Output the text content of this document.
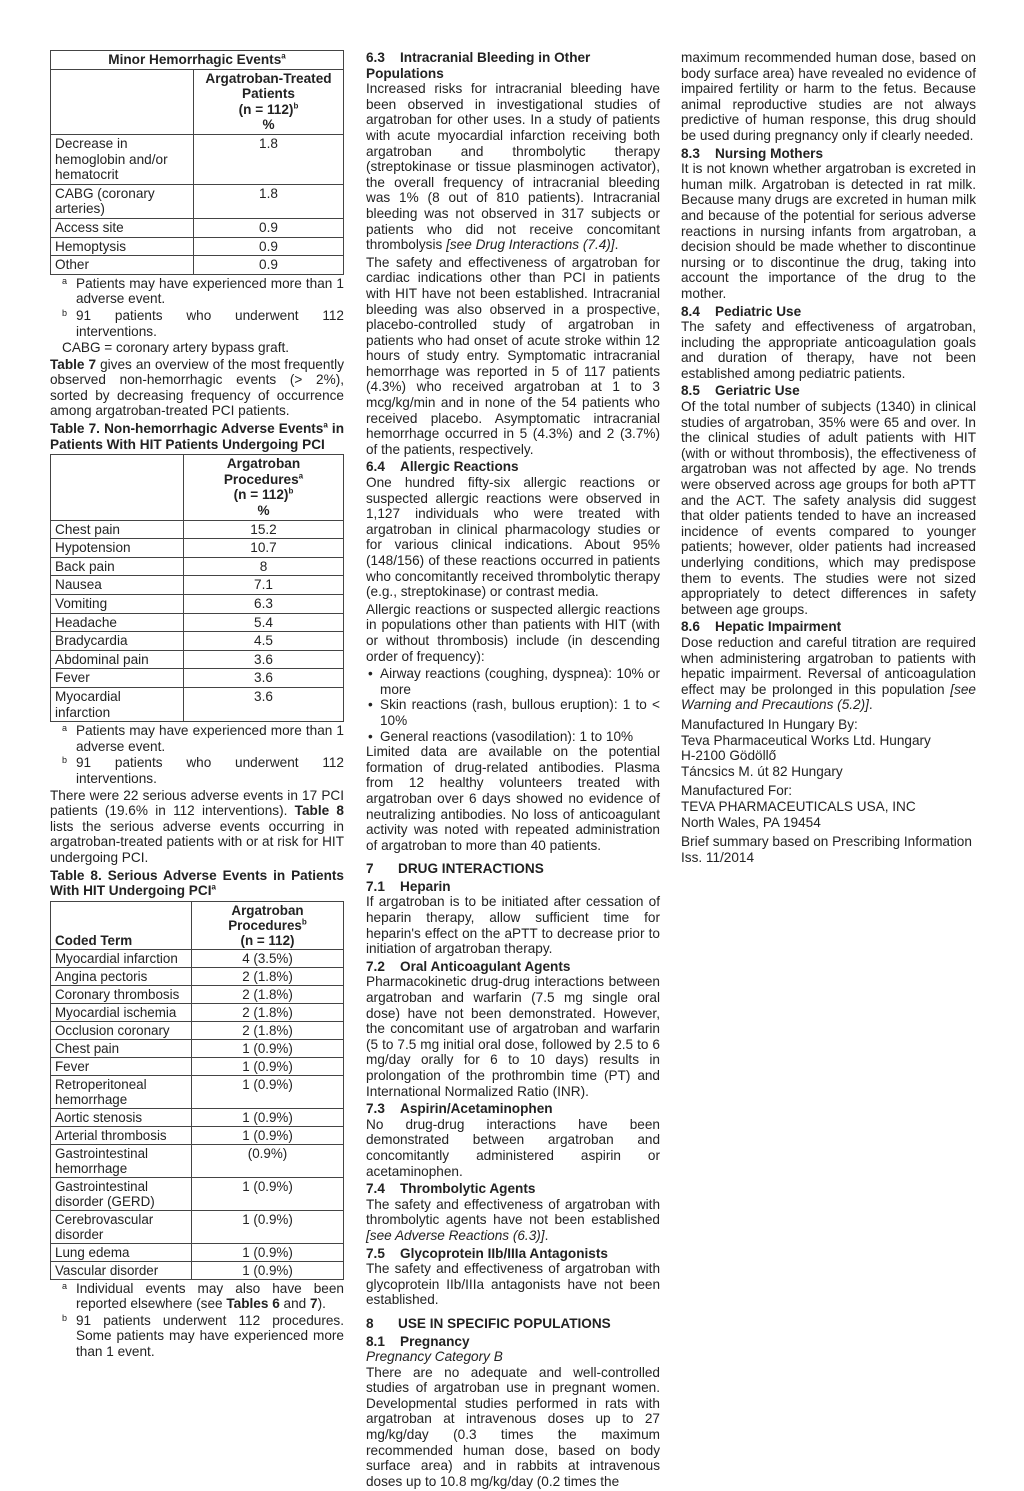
Minor Hemorrhagic Events$^a$
	Argatroban-Treated
Patients
(n = 112)$^b$
%
Decrease in hemoglobin and/or hematocrit	1.8
CABG (coronary arteries)	1.8
Access site	0.9
Hemoptysis	0.9
Other	0.9
a Patients may have experienced more than 1 adverse event.
b 91 patients who underwent 112 interventions.
CABG = coronary artery bypass graft.

Table 7 gives an overview of the most frequently observed non-hemorrhagic events (> 2%), sorted by decreasing frequency of occurrence among argatroban-treated PCI patients.

Table 7. Non-hemorrhagic Adverse Events$^a$ in Patients With HIT Patients Undergoing PCI
	Argatroban Procedures$^a$
(n = 112)$^b$
%
Chest pain	15.2
Hypotension	10.7
Back pain	8
Nausea	7.1
Vomiting	6.3
Headache	5.4
Bradycardia	4.5
Abdominal pain	3.6
Fever	3.6
Myocardial infarction	3.6
a Patients may have experienced more than 1 adverse event.
b 91 patients who underwent 112 interventions.

There were 22 serious adverse events in 17 PCI patients (19.6% in 112 interventions). Table 8 lists the serious adverse events occurring in argatroban-treated patients with or at risk for HIT undergoing PCI.

Table 8. Serious Adverse Events in Patients With HIT Undergoing PCI$^a$
Coded Term	Argatroban Procedures$^b$
(n = 112)
Myocardial infarction	4 (3.5%)
Angina pectoris	2 (1.8%)
Coronary thrombosis	2 (1.8%)
Myocardial ischemia	2 (1.8%)
Occlusion coronary	2 (1.8%)
Chest pain	1 (0.9%)
Fever	1 (0.9%)
Retroperitoneal hemorrhage	1 (0.9%)
Aortic stenosis	1 (0.9%)
Arterial thrombosis	1 (0.9%)
Gastrointestinal hemorrhage	(0.9%)
Gastrointestinal disorder (GERD)	1 (0.9%)
Cerebrovascular disorder	1 (0.9%)
Lung edema	1 (0.9%)
Vascular disorder	1 (0.9%)
a Individual events may also have been reported elsewhere (see Tables 6 and 7).
b 91 patients underwent 112 procedures. Some patients may have experienced more than 1 event.
6.3 Intracranial Bleeding in Other Populations

Increased risks for intracranial bleeding have been observed in investigational studies of argatroban for other uses. In a study of patients with acute myocardial infarction receiving both argatroban and thrombolytic therapy (streptokinase or tissue plasminogen activator), the overall frequency of intracranial bleeding was 1% (8 out of 810 patients). Intracranial bleeding was not observed in 317 subjects or patients who did not receive concomitant thrombolysis [see Drug Interactions (7.4)].

The safety and effectiveness of argatroban for cardiac indications other than PCI in patients with HIT have not been established. Intracranial bleeding was also observed in a prospective, placebo-controlled study of argatroban in patients who had onset of acute stroke within 12 hours of study entry. Symptomatic intracranial hemorrhage was reported in 5 of 117 patients (4.3%) who received argatroban at 1 to 3 mcg/kg/min and in none of the 54 patients who received placebo. Asymptomatic intracranial hemorrhage occurred in 5 (4.3%) and 2 (3.7%) of the patients, respectively.

6.4 Allergic Reactions

One hundred fifty-six allergic reactions or suspected allergic reactions were observed in 1,127 individuals who were treated with argatroban in clinical pharmacology studies or for various clinical indications. About 95% (148/156) of these reactions occurred in patients who concomitantly received thrombolytic therapy (e.g., streptokinase) or contrast media.

Allergic reactions or suspected allergic reactions in populations other than patients with HIT (with or without thrombosis) include (in descending order of frequency):

• Airway reactions (coughing, dyspnea): 10% or more
• Skin reactions (rash, bullous eruption): 1 to < 10%
• General reactions (vasodilation): 1 to 10%

Limited data are available on the potential formation of drug-related antibodies. Plasma from 12 healthy volunteers treated with argatroban over 6 days showed no evidence of neutralizing antibodies. No loss of anticoagulant activity was noted with repeated administration of argatroban to more than 40 patients.

7 DRUG INTERACTIONS
7.1 Heparin

If argatroban is to be initiated after cessation of heparin therapy, allow sufficient time for heparin's effect on the aPTT to decrease prior to initiation of argatroban therapy.

7.2 Oral Anticoagulant Agents

Pharmacokinetic drug-drug interactions between argatroban and warfarin (7.5 mg single oral dose) have not been demonstrated. However, the concomitant use of argatroban and warfarin (5 to 7.5 mg initial oral dose, followed by 2.5 to 6 mg/day orally for 6 to 10 days) results in prolongation of the prothrombin time (PT) and International Normalized Ratio (INR).

7.3 Aspirin/Acetaminophen

No drug-drug interactions have been demonstrated between argatroban and concomitantly administered aspirin or acetaminophen.

7.4 Thrombolytic Agents

The safety and effectiveness of argatroban with thrombolytic agents have not been established [see Adverse Reactions (6.3)].

7.5 Glycoprotein IIb/IIIa Antagonists

The safety and effectiveness of argatroban with glycoprotein IIb/IIIa antagonists have not been established.

8 USE IN SPECIFIC POPULATIONS
8.1 Pregnancy

Pregnancy Category B

There are no adequate and well-controlled studies of argatroban use in pregnant women. Developmental studies performed in rats with argatroban at intravenous doses up to 27 mg/kg/day (0.3 times the maximum recommended human dose, based on body surface area) and in rabbits at intravenous doses up to 10.8 mg/kg/day (0.2 times the

maximum recommended human dose, based on body surface area) have revealed no evidence of impaired fertility or harm to the fetus. Because animal reproductive studies are not always predictive of human response, this drug should be used during pregnancy only if clearly needed.

8.3 Nursing Mothers

It is not known whether argatroban is excreted in human milk. Argatroban is detected in rat milk. Because many drugs are excreted in human milk and because of the potential for serious adverse reactions in nursing infants from argatroban, a decision should be made whether to discontinue nursing or to discontinue the drug, taking into account the importance of the drug to the mother.

8.4 Pediatric Use

The safety and effectiveness of argatroban, including the appropriate anticoagulation goals and duration of therapy, have not been established among pediatric patients.

8.5 Geriatric Use

Of the total number of subjects (1340) in clinical studies of argatroban, 35% were 65 and over. In the clinical studies of adult patients with HIT (with or without thrombosis), the effectiveness of argatroban was not affected by age. No trends were observed across age groups for both aPTT and the ACT. The safety analysis did suggest that older patients tended to have an increased incidence of events compared to younger patients; however, older patients had increased underlying conditions, which may predispose them to events. The studies were not sized appropriately to detect differences in safety between age groups.

8.6 Hepatic Impairment

Dose reduction and careful titration are required when administering argatroban to patients with hepatic impairment. Reversal of anticoagulation effect may be prolonged in this population [see Warning and Precautions (5.2)].

Manufactured In Hungary By:
Teva Pharmaceutical Works Ltd. Hungary
H-2100 Gödöllő
Táncsics M. út 82 Hungary
Manufactured For:
TEVA PHARMACEUTICALS USA, INC
North Wales, PA 19454
Brief summary based on Prescribing Information
Iss. 11/2014
